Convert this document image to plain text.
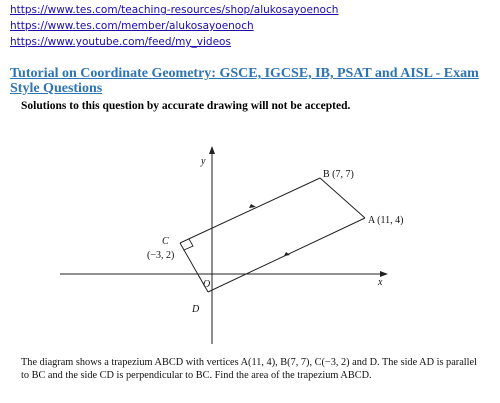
https://www.tes.com/teaching-resources/shop/alukosayoenoch
https://www.tes.com/member/alukosayoenoch
https://www.youtube.com/feed/my_videos
Tutorial on Coordinate Geometry: GSCE, IGCSE, IB, PSAT and AISL - Exam Style Questions
Solutions to this question by accurate drawing will not be accepted.
y
x
O
B (7, 7)
A (11, 4)
C
(−3, 2)
D
The diagram shows a trapezium ABCD with vertices A(11, 4), B(7, 7), C(−3, 2) and D. The side AD is parallel to BC and the side CD is perpendicular to BC. Find the area of the trapezium ABCD.
